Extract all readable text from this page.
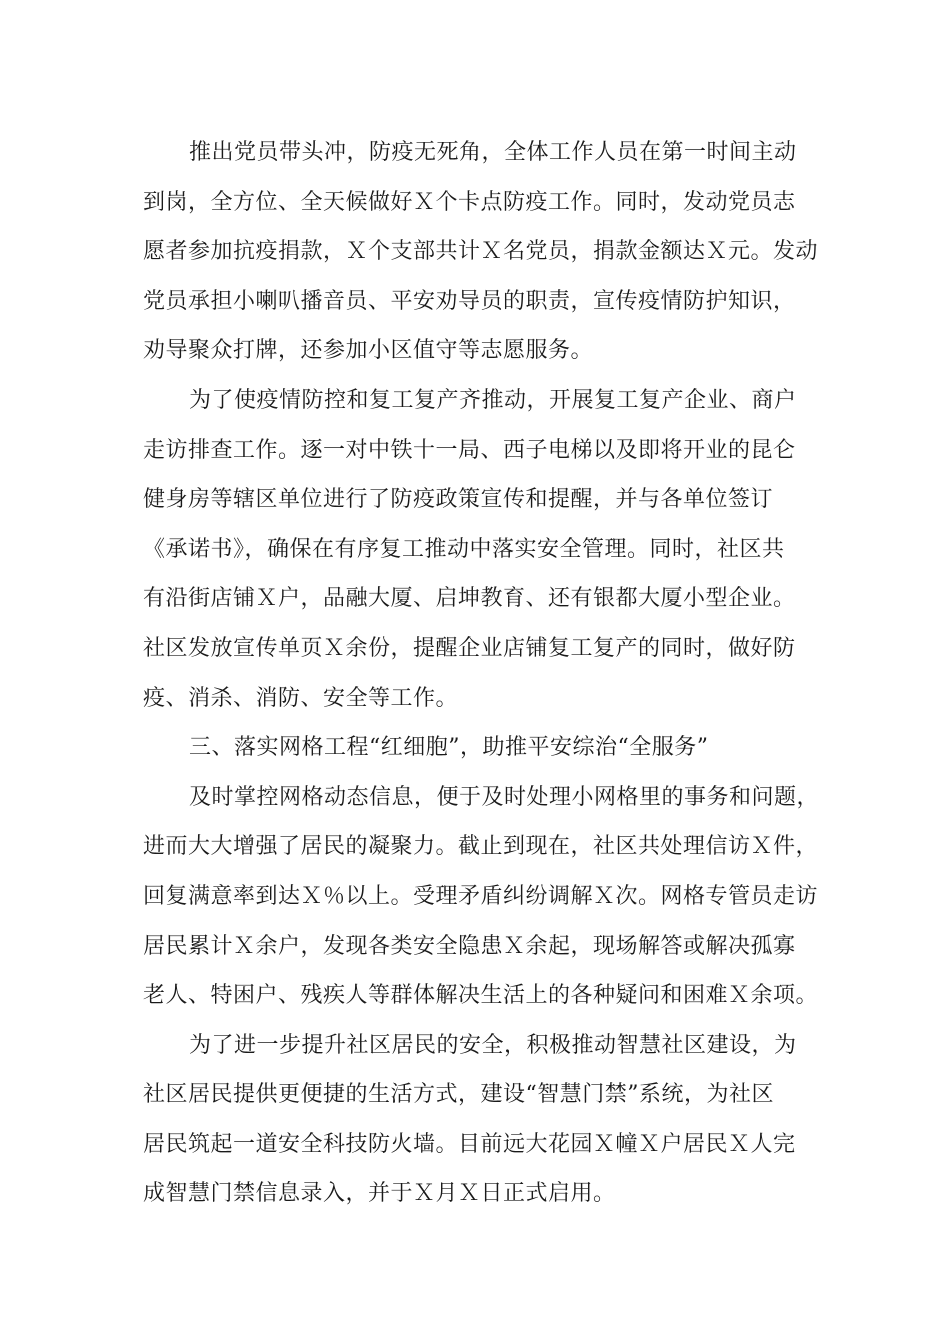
推出党员带头冲，防疫无死角，全体工作人员在第一时间主动
到岗，全方位、全天候做好Ｘ个卡点防疫工作。同时，发动党员志
愿者参加抗疫捐款，Ｘ个支部共计Ｘ名党员，捐款金额达Ｘ元。发动
党员承担小喇叭播音员、平安劝导员的职责，宣传疫情防护知识，
劝导聚众打牌，还参加小区值守等志愿服务。
为了使疫情防控和复工复产齐推动，开展复工复产企业、商户
走访排查工作。逐一对中铁十一局、西子电梯以及即将开业的昆仑
健身房等辖区单位进行了防疫政策宣传和提醒，并与各单位签订
《承诺书》，确保在有序复工推动中落实安全管理。同时，社区共
有沿街店铺Ｘ户，品融大厦、启坤教育、还有银都大厦小型企业。
社区发放宣传单页Ｘ余份，提醒企业店铺复工复产的同时，做好防
疫、消杀、消防、安全等工作。
三、落实网格工程“红细胞”，助推平安综治“全服务”
及时掌控网格动态信息，便于及时处理小网格里的事务和问题，
进而大大增强了居民的凝聚力。截止到现在，社区共处理信访Ｘ件，
回复满意率到达Ｘ％以上。受理矛盾纠纷调解Ｘ次。网格专管员走访
居民累计Ｘ余户，发现各类安全隐患Ｘ余起，现场解答或解决孤寡
老人、特困户、残疾人等群体解决生活上的各种疑问和困难Ｘ余项。
为了进一步提升社区居民的安全，积极推动智慧社区建设，为
社区居民提供更便捷的生活方式，建设“智慧门禁”系统，为社区
居民筑起一道安全科技防火墙。目前远大花园Ｘ幢Ｘ户居民Ｘ人完
成智慧门禁信息录入，并于Ｘ月Ｘ日正式启用。
